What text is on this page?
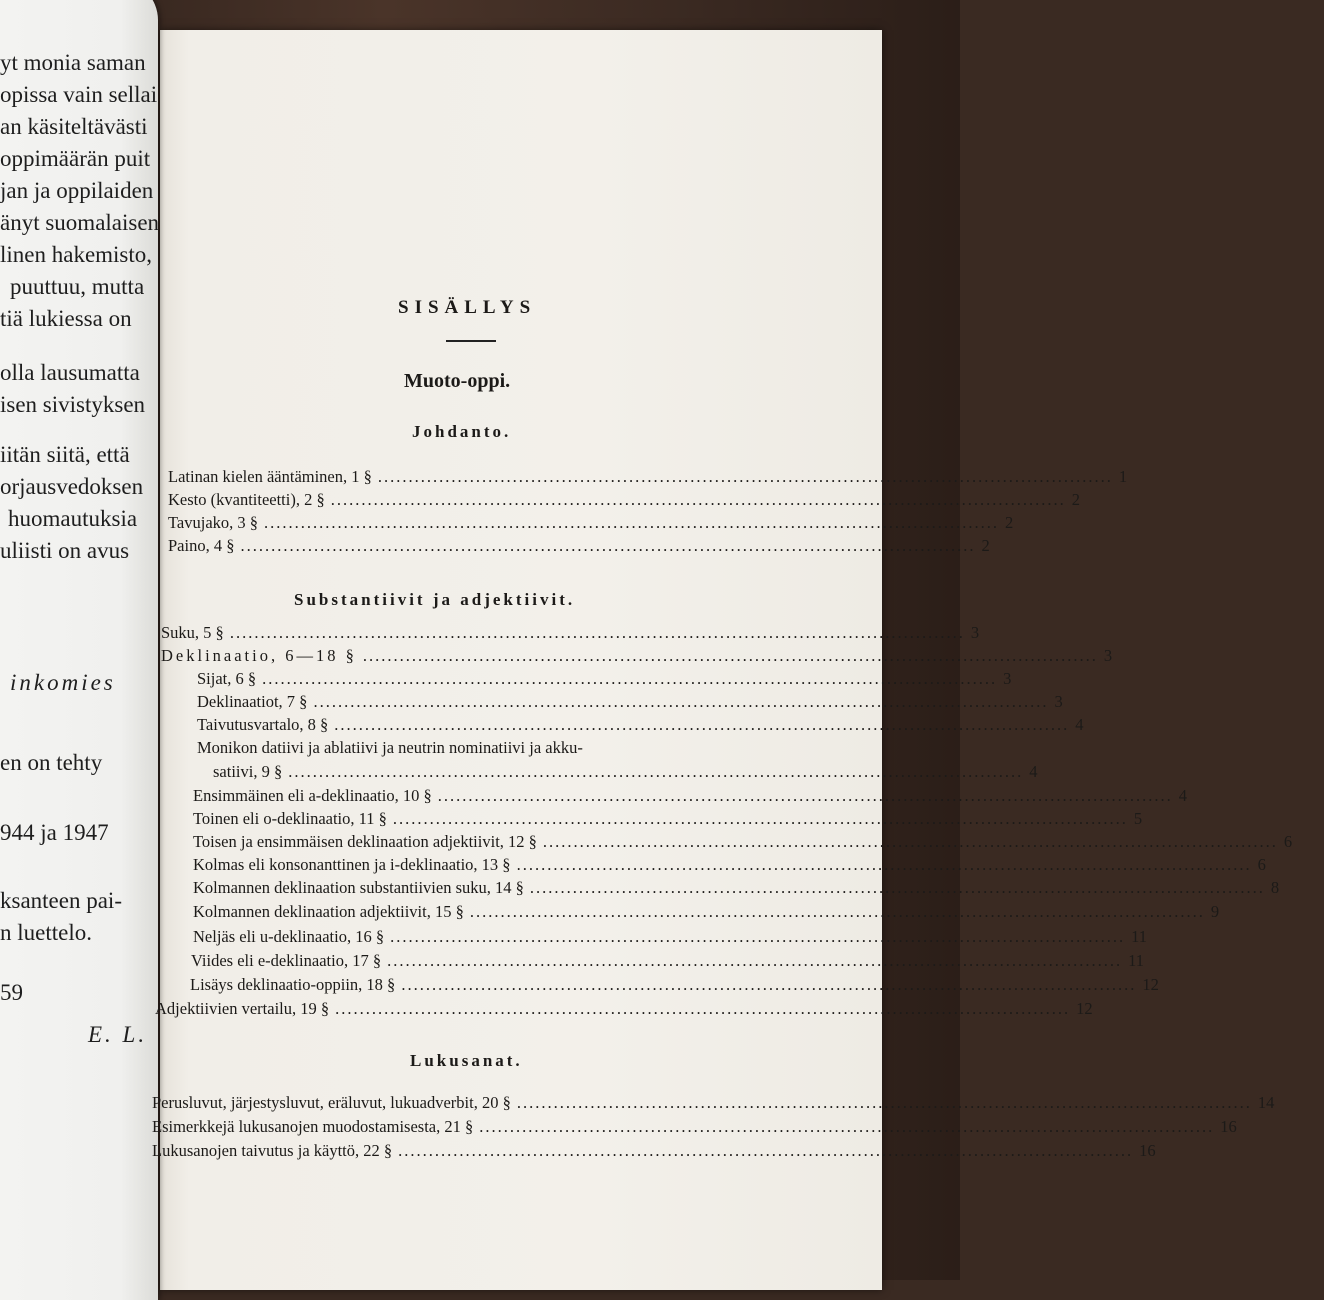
yt monia saman
opissa vain sellai
an käsiteltävästi
oppimäärän puit
jan ja oppilaiden
änyt suomalaisen
linen hakemisto,
puuttuu, mutta
tiä lukiessa on
olla lausumatta
isen sivistyksen
iitän siitä, että
orjausvedoksen
huomautuksia
uliisti on avus
inkomies
en on tehty
944 ja 1947
ksanteen pai-
n luettelo.
59
E. L.
SISÄLLYS
Muoto-oppi.
Johdanto.
Latinan kielen ääntäminen, 1 § ........................................................................................................................ 1
Kesto (kvantiteetti), 2 § ........................................................................................................................ 2
Tavujako, 3 § ........................................................................................................................ 2
Paino, 4 § ........................................................................................................................ 2
Substantiivit ja adjektiivit.
Suku, 5 § ........................................................................................................................ 3
Deklinaatio, 6—18 § ........................................................................................................................ 3
Sijat, 6 § ........................................................................................................................ 3
Deklinaatiot, 7 § ........................................................................................................................ 3
Taivutusvartalo, 8 § ........................................................................................................................ 4
Monikon datiivi ja ablatiivi ja neutrin nominatiivi ja akku-
satiivi, 9 § ........................................................................................................................ 4
Ensimmäinen eli a-deklinaatio, 10 § ........................................................................................................................ 4
Toinen eli o-deklinaatio, 11 § ........................................................................................................................ 5
Toisen ja ensimmäisen deklinaation adjektiivit, 12 § ........................................................................................................................ 6
Kolmas eli konsonanttinen ja i-deklinaatio, 13 § ........................................................................................................................ 6
Kolmannen deklinaation substantiivien suku, 14 § ........................................................................................................................ 8
Kolmannen deklinaation adjektiivit, 15 § ........................................................................................................................ 9
Neljäs eli u-deklinaatio, 16 § ........................................................................................................................ 11
Viides eli e-deklinaatio, 17 § ........................................................................................................................ 11
Lisäys deklinaatio-oppiin, 18 § ........................................................................................................................ 12
Adjektiivien vertailu, 19 § ........................................................................................................................ 12
Lukusanat.
Perusluvut, järjestysluvut, eräluvut, lukuadverbit, 20 § ........................................................................................................................ 14
Esimerkkejä lukusanojen muodostamisesta, 21 § ........................................................................................................................ 16
Lukusanojen taivutus ja käyttö, 22 § ........................................................................................................................ 16
